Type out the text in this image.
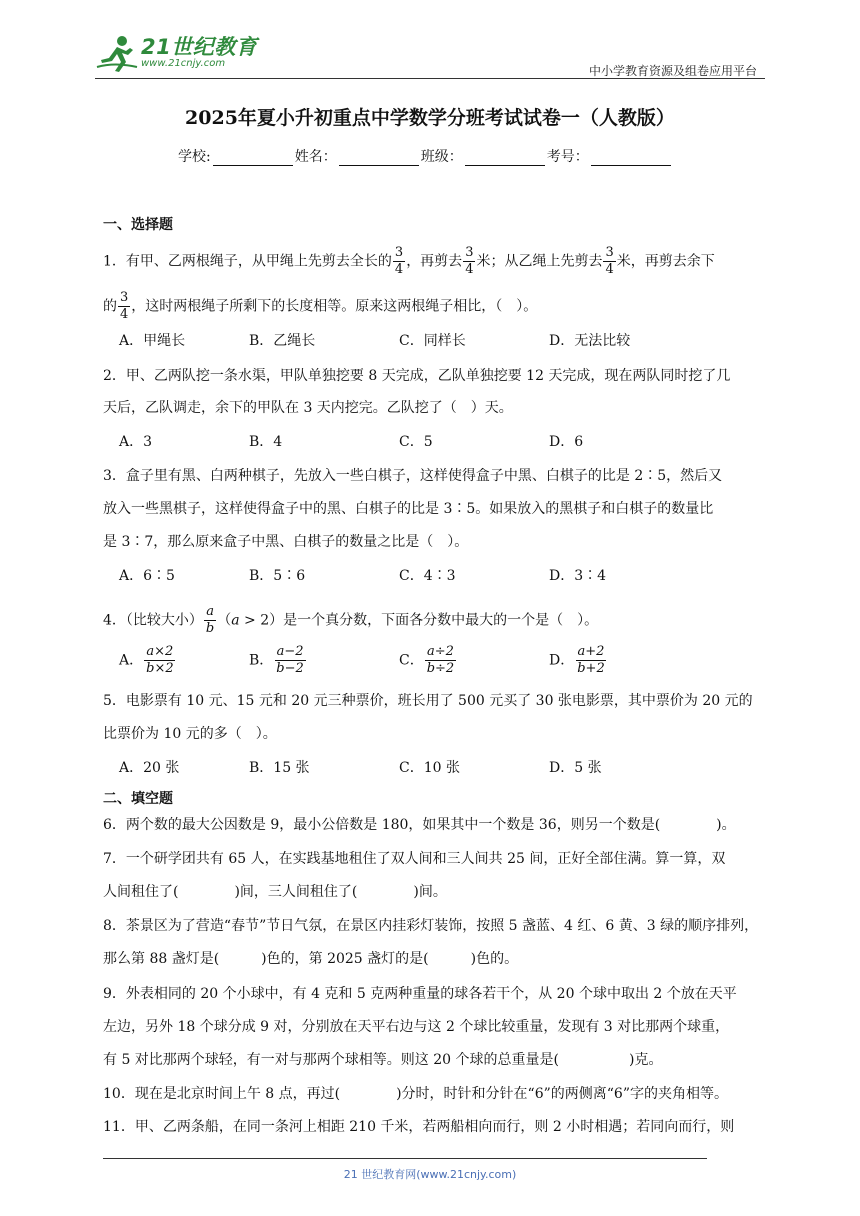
21世纪教育
www.21cnjy.com
中小学教育资源及组卷应用平台
2025年夏小升初重点中学数学分班考试试卷一（人教版）
学校:	姓名：	班级：	考号：
一、选择题
1．有甲、乙两根绳子，从甲绳上先剪去全长的 $\frac{3}{4}$ ，再剪去 $\frac{3}{4}$ 米；从乙绳上先剪去 $\frac{3}{4}$ 米，再剪去余下
的 $\frac{3}{4}$ ，这时两根绳子所剩下的长度相等。原来这两根绳子相比，（　）。
A．甲绳长	B．乙绳长	C．同样长	D．无法比较
2．甲、乙两队挖一条水渠，甲队单独挖要 8 天完成，乙队单独挖要 12 天完成，现在两队同时挖了几
天后，乙队调走，余下的甲队在 3 天内挖完。乙队挖了（　）天。
A．3	B．4	C．5	D．6
3．盒子里有黑、白两种棋子，先放入一些白棋子，这样使得盒子中黑、白棋子的比是 2∶5，然后又
放入一些黑棋子，这样使得盒子中的黑、白棋子的比是 3∶5。如果放入的黑棋子和白棋子的数量比
是 3∶7，那么原来盒子中黑、白棋子的数量之比是（　）。
A．6∶5	B．5∶6	C．4∶3	D．3∶4
4．（比较大小） $\frac{a}{b} (a > 2)$是一个真分数，下面各分数中最大的一个是（　）。
A． $\frac{a\times 2}{b\times 2}$	B． $\frac{a-2}{b-2}$	C． $\frac{a\div 2}{b\div 2}$	D． $\frac{a+2}{b+2}$
5．电影票有 10 元、15 元和 20 元三种票价，班长用了 500 元买了 30 张电影票，其中票价为 20 元的
比票价为 10 元的多（　）。
A．20 张	B．15 张	C．10 张	D．5 张
二、填空题
6．两个数的最大公因数是 9，最小公倍数是 180，如果其中一个数是 36，则另一个数是(　　　　)。
7．一个研学团共有 65 人，在实践基地租住了双人间和三人间共 25 间，正好全部住满。算一算，双
人间租住了(　　　　)间，三人间租住了(　　　　)间。
8．茶景区为了营造“春节”节日气氛，在景区内挂彩灯装饰，按照 5 盏蓝、4 红、6 黄、3 绿的顺序排列，
那么第 88 盏灯是(　　　)色的，第 2025 盏灯的是(　　　)色的。
9．外表相同的 20 个小球中，有 4 克和 5 克两种重量的球各若干个，从 20 个球中取出 2 个放在天平
左边，另外 18 个球分成 9 对，分别放在天平右边与这 2 个球比较重量，发现有 3 对比那两个球重，
有 5 对比那两个球轻，有一对与那两个球相等。则这 20 个球的总重量是(　　　　　)克。
10．现在是北京时间上午 8 点，再过(　　　　)分时，时针和分针在“6”的两侧离“6”字的夹角相等。
11．甲、乙两条船，在同一条河上相距 210 千米，若两船相向而行，则 2 小时相遇；若同向而行，则
21 世纪教育网(www.21cnjy.com)
